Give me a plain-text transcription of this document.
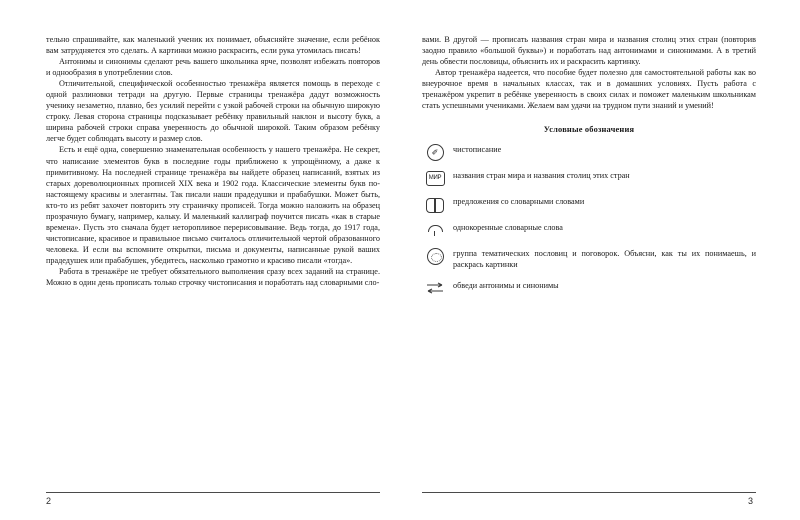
тельно спрашивайте, как маленький ученик их понимает, объясняйте значение, если ребёнок вам затрудняется это сделать. А картинки можно раскрасить, если рука утомилась писать!

Антонимы и синонимы сделают речь вашего школьника ярче, позволят избежать повторов и однообразия в употреблении слов.

Отличительной, специфической особенностью тренажёра является помощь в переходе с одной разлиновки тетради на другую. Первые страницы тренажёра дадут возможность ученику незаметно, плавно, без усилий перейти с узкой рабочей строки на обычную широкую строку. Левая сторона страницы подсказывает ребёнку правильный наклон и высоту букв, а ширина рабочей строки справа уверенность до обычной широкой. Таким образом ребёнку легче будет соблюдать высоту и размер слов.

Есть и ещё одна, совершенно знаменательная особенность у нашего тренажёра. Не секрет, что написание элементов букв в последние годы приближено к упрощённому, а даже к примитивному. На последней странице тренажёра вы найдете образец написаний, взятых из старых дореволюционных прописей XIX века и 1902 года. Классические элементы букв по-настоящему красивы и элегантны. Так писали наши прадедушки и прабабушки. Может быть, кто-то из ребят захочет повторить эту страничку прописей. Тогда можно наложить на образец прозрачную бумагу, например, кальку. И маленький каллиграф поучится писать «как в старые времена». Пусть это сначала будет неторопливое перерисовывание. Ведь тогда, до 1917 года, чистописание, красивое и правильное письмо считалось отличительной чертой образованного человека. И если вы вспомните открытки, письма и документы, написанные рукой ваших прадедушек или прабабушек, убедитесь, насколько грамотно и красиво писали «тогда».

Работа в тренажёре не требует обязательного выполнения сразу всех заданий на странице. Можно в один день прописать только строчку чистописания и поработать над словарными сло-

вами. В другой — прописать названия стран мира и названия столиц этих стран (повторив заодно правило «большой буквы») и поработать над антонимами и синонимами. А в третий день обвести пословицы, объяснить их и раскрасить картинку.

Автор тренажёра надеется, что пособие будет полезно для самостоятельной работы как во внеурочное время в начальных классах, так и в домашних условиях. Пусть работа с тренажёром укрепит в ребёнке уверенность в своих силах и поможет маленьким школьникам стать успешными учениками. Желаем вам удачи на трудном пути знаний и умений!

Условные обозначения
✐	чистописание
МИР	названия стран мира и названия столиц этих стран
предложения со словарными словами
однокоренные словарные слова
группа тематических пословиц и поговорок. Объясни, как ты их понимаешь, и раскрась картинки
обведи антонимы и синонимы
2	3
